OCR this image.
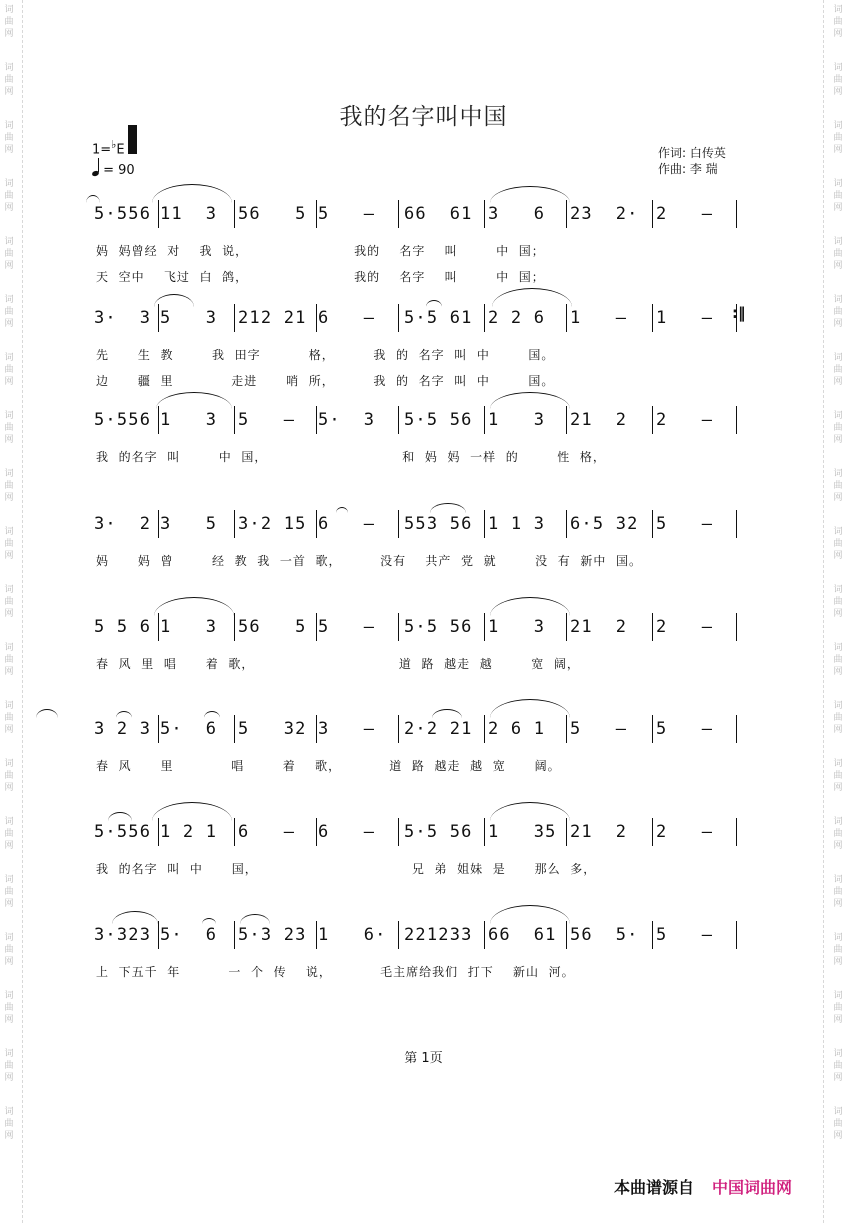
词
曲
网
词
曲
网
词
曲
网
词
曲
网
词
曲
网
词
曲
网
词
曲
网
词
曲
网
词
曲
网
词
曲
网
词
曲
网
词
曲
网
词
曲
网
词
曲
网
词
曲
网
词
曲
网
词
曲
网
词
曲
网
词
曲
网
词
曲
网
词
曲
网
词
曲
网
词
曲
网
词
曲
网
词
曲
网
词
曲
网
词
曲
网
词
曲
网
词
曲
网
词
曲
网
词
曲
网
词
曲
网
词
曲
网
词
曲
网
词
曲
网
词
曲
网
词
曲
网
词
曲
网
词
曲
网
词
曲
网
我的名字叫中国
1=♭E
= 90
作词: 白传英
作曲: 李 瑞
5·556 11  3 56   5 5   – 66  61 3   6 23  2· 2   –
妈  妈曾经  对    我  说，                      我的    名字    叫        中  国；
天  空中    飞过  白  鸽，                      我的    名字    叫        中  国；
3·  3 5   3 212 21 6   – 5·5 61 2 2 6 1   – 1   –
先      生  教        我  田字          格，        我  的  名字  叫  中        国。
边      疆  里            走进      哨  所，        我  的  名字  叫  中        国。
5·556 1   3 5   – 5·  3 5·5 56 1   3 21  2 2   –
我  的名字  叫        中  国，                            和  妈  妈  一样  的        性  格，
3·  2 3   5 3·2 15 6   – 553 56 1 1 3 6·5 32 5   –
妈      妈  曾        经  教  我  一首  歌，        没有    共产  党  就        没  有  新中  国。
5 5 6 1   3 56   5 5   – 5·5 56 1   3 21  2 2   –
春  风  里  唱      着  歌，                              道  路  越走  越        宽  阔，
3 2 3 5·  6 5   32 3   – 2·2 21 2 6 1 5   – 5   –
春  风      里            唱        着    歌，          道  路  越走  越  宽      阔。
5·556 1 2 1 6   – 6   – 5·5 56 1   35 21  2 2   –
我  的名字  叫  中      国，                                兄  弟  姐妹  是      那么  多，
3·323 5·  6 5·3 23 1   6· 221233 66  61 56  5· 5   –
上  下五千  年          一  个  传    说，          毛主席给我们  打下    新山  河。
第 1页
本曲谱源自 中国词曲网
:‖
